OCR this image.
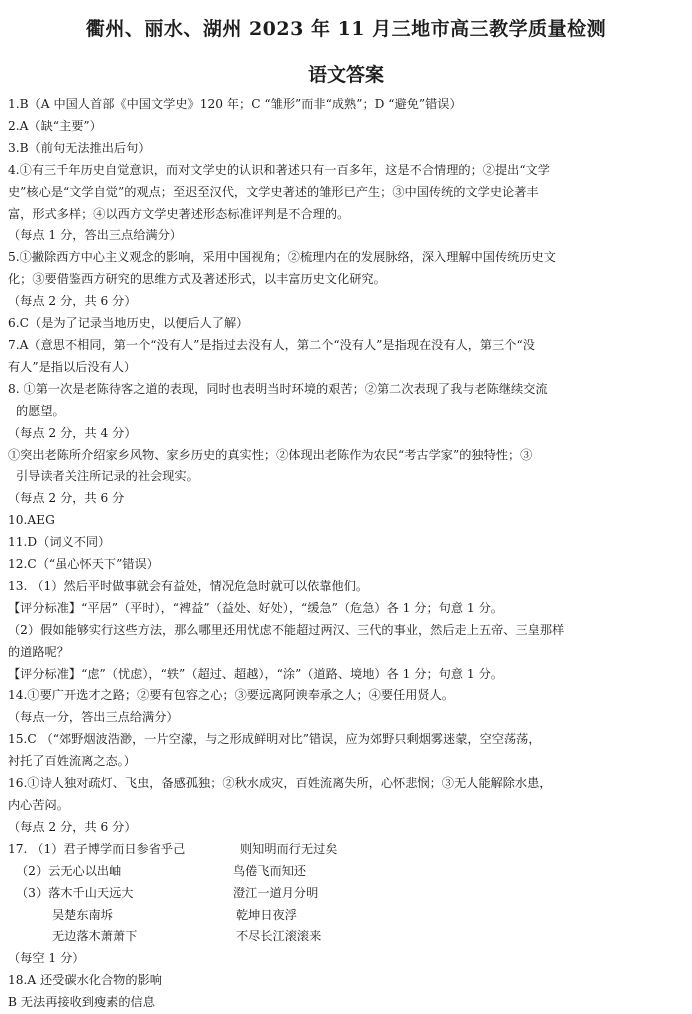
衢州、丽水、湖州 2023 年 11 月三地市高三教学质量检测
语文答案
1.B（A 中国人首部《中国文学史》120 年；C “雏形”而非“成熟”；D “避免”错误）
2.A（缺“主要”）
3.B（前句无法推出后句）
4.①有三千年历史自觉意识，而对文学史的认识和著述只有一百多年，这是不合情理的；②提出“文学
史”核心是“文学自觉”的观点；至迟至汉代，文学史著述的雏形已产生；③中国传统的文学史论著丰
富，形式多样；④以西方文学史著述形态标准评判是不合理的。
（每点 1 分，答出三点给满分）
5.①撇除西方中心主义观念的影响，采用中国视角；②梳理内在的发展脉络，深入理解中国传统历史文
化；③要借鉴西方研究的思维方式及著述形式，以丰富历史文化研究。
（每点 2 分，共 6 分）
6.C（是为了记录当地历史，以便后人了解）
7.A（意思不相同，第一个“没有人”是指过去没有人，第二个“没有人”是指现在没有人，第三个“没
有人”是指以后没有人）
8. ①第一次是老陈待客之道的表现，同时也表明当时环境的艰苦；②第二次表现了我与老陈继续交流
的愿望。
（每点 2 分，共 4 分）
①突出老陈所介绍家乡风物、家乡历史的真实性；②体现出老陈作为农民“考古学家”的独特性；③
引导读者关注所记录的社会现实。
（每点 2 分，共 6 分
10.AEG
11.D（词义不同）
12.C（“虽心怀天下”错误）
13. （1）然后平时做事就会有益处，情况危急时就可以依靠他们。
【评分标准】“平居”（平时），“裨益”（益处、好处），“缓急”（危急）各 1 分；句意 1 分。
（2）假如能够实行这些方法，那么哪里还用忧虑不能超过两汉、三代的事业，然后走上五帝、三皇那样
的道路呢？
【评分标准】“虑”（忧虑），“轶”（超过、超越），“涂”（道路、境地）各 1 分；句意 1 分。
14.①要广开选才之路；②要有包容之心；③要远离阿谀奉承之人；④要任用贤人。
（每点一分，答出三点给满分）
15.C （“郊野烟波浩渺，一片空濛，与之形成鲜明对比”错误，应为郊野只剩烟雾迷蒙，空空荡荡，
衬托了百姓流离之态。）
16.①诗人独对疏灯、飞虫，备感孤独；②秋水成灾，百姓流离失所，心怀悲悯；③无人能解除水患，
内心苦闷。
（每点 2 分，共 6 分）
17. （1）君子博学而日参省乎己	则知明而行无过矣
（2）云无心以出岫	鸟倦飞而知还
（3）落木千山天远大	澄江一道月分明
吴楚东南坼	乾坤日夜浮
无边落木萧萧下	不尽长江滚滚来
（每空 1 分）
18.A 还受碳水化合物的影响
B 无法再接收到瘦素的信息
